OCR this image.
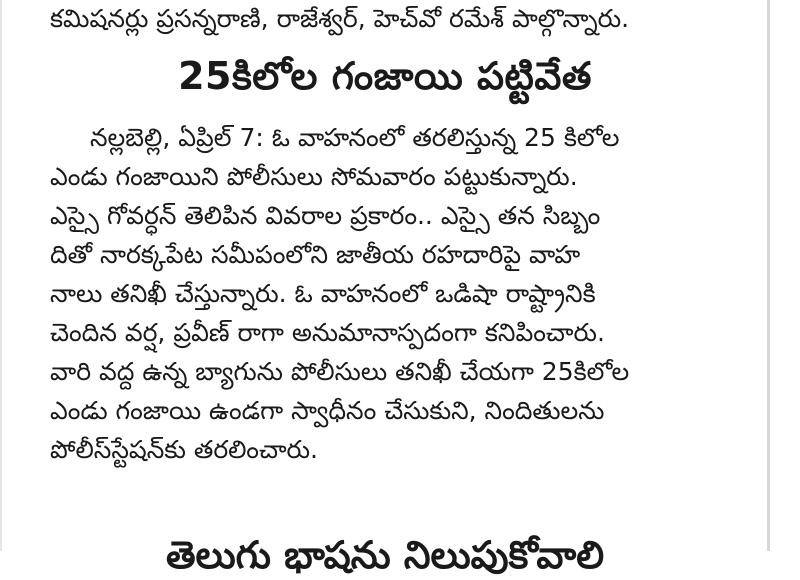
కమిషనర్లు ప్రసన్నరాణి, రాజేశ్వర్, హెచ్‌వో రమేశ్ పాల్గొన్నారు.
25కిలోల గంజాయి పట్టివేత
నల్లబెల్లి, ఏప్రిల్ 7: ఓ వాహనంలో తరలిస్తున్న 25 కిలోల
ఎండు గంజాయిని పోలీసులు సోమవారం పట్టుకున్నారు.
ఎస్సై గోవర్ధన్ తెలిపిన వివరాల ప్రకారం.. ఎస్సై తన సిబ్బం
దితో నారక్కపేట సమీపంలోని జాతీయ రహదారిపై వాహ
నాలు తనిఖీ చేస్తున్నారు. ఓ వాహనంలో ఒడిషా రాష్ట్రానికి
చెందిన వర్ష, ప్రవీణ్ రాగా అనుమానాస్పదంగా కనిపించారు.
వారి వద్ద ఉన్న బ్యాగును పోలీసులు తనిఖీ చేయగా 25కిలోల
ఎండు గంజాయి ఉండగా స్వాధీనం చేసుకుని, నిందితులను
పోలీస్‌స్టేషన్‌కు తరలించారు.
తెలుగు భాషను నిలుపుకోవాలి
